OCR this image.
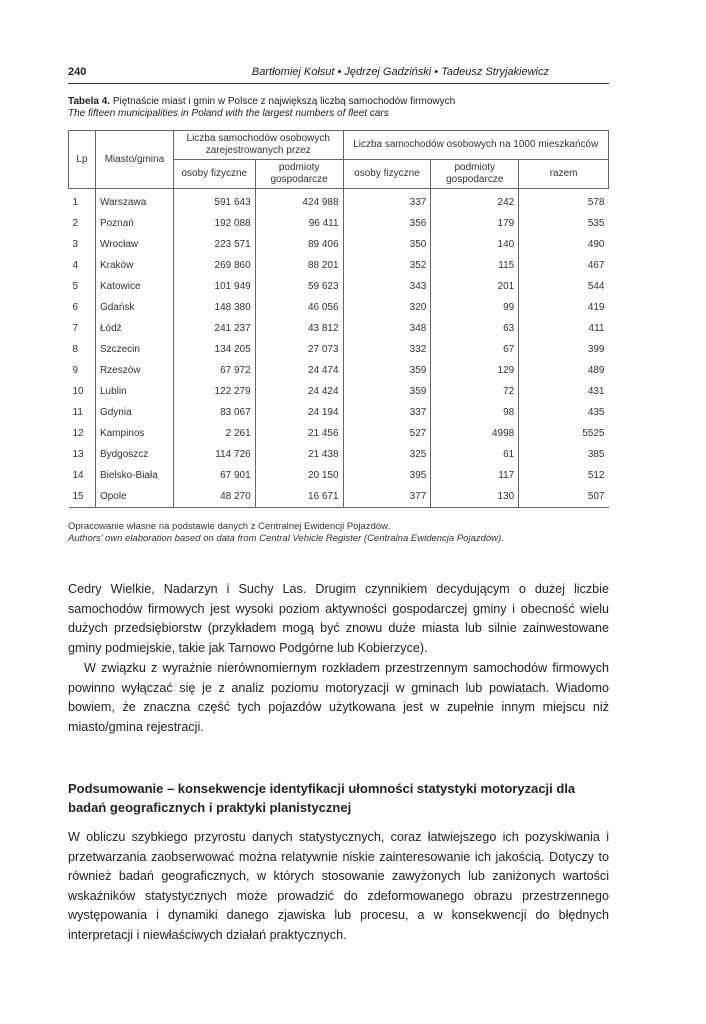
240	Bartłomiej Kołsut • Jędrzej Gadziński • Tadeusz Stryjakiewicz
Tabela 4. Piętnaście miast i gmin w Polsce z największą liczbą samochodów firmowych
The fifteen municipalities in Poland with the largest numbers of fleet cars
Lp	Miasto/gmina	Liczba samochodów osobowych zarejestrowanych przez		Liczba samochodów osobowych na 1000 mieszkańców		
		osoby fizyczne	podmioty gospodarcze	osoby fizyczne	podmioty gospodarcze	razem
1	Warszawa	591 643	424 988	337	242	578
2	Poznań	192 088	96 411	356	179	535
3	Wrocław	223 571	89 406	350	140	490
4	Kraków	269 860	88 201	352	115	467
5	Katowice	101 949	59 623	343	201	544
6	Gdańsk	148 380	46 056	320	99	419
7	Łódź	241 237	43 812	348	63	411
8	Szczecin	134 205	27 073	332	67	399
9	Rzeszów	67 972	24 474	359	129	489
10	Lublin	122 279	24 424	359	72	431
11	Gdynia	83 067	24 194	337	98	435
12	Kampinos	2 261	21 456	527	4998	5525
13	Bydgoszcz	114 726	21 438	325	61	385
14	Bielsko-Biała	67 901	20 150	395	117	512
15	Opole	48 270	16 671	377	130	507
Opracowanie własne na podstawie danych z Centralnej Ewidencji Pojazdów.
Authors’ own elaboration based on data from Central Vehicle Register (Centralna Ewidencja Pojazdów).

Cedry Wielkie, Nadarzyn i Suchy Las. Drugim czynnikiem decydującym o dużej liczbie samochodów firmowych jest wysoki poziom aktywności gospodarczej gminy i obecność wielu dużych przedsiębiorstw (przykładem mogą być znowu duże miasta lub silnie zainwestowane gminy podmiejskie, takie jak Tarnowo Podgórne lub Kobierzyce).

W związku z wyraźnie nierównomiernym rozkładem przestrzennym samochodów firmowych powinno wyłączać się je z analiz poziomu motoryzacji w gminach lub powiatach. Wiadomo bowiem, że znaczna część tych pojazdów użytkowana jest w zupełnie innym miejscu niż miasto/gmina rejestracji.

Podsumowanie – konsekwencje identyfikacji ułomności statystyki motoryzacji dla badań geograficznych i praktyki planistycznej

W obliczu szybkiego przyrostu danych statystycznych, coraz łatwiejszego ich pozyskiwania i przetwarzania zaobserwować można relatywnie niskie zainteresowanie ich jakością. Dotyczy to również badań geograficznych, w których stosowanie zawyżonych lub zaniżonych wartości wskaźników statystycznych może prowadzić do zdeformowanego obrazu przestrzennego występowania i dynamiki danego zjawiska lub procesu, a w konsekwencji do błędnych interpretacji i niewłaściwych działań praktycznych.
